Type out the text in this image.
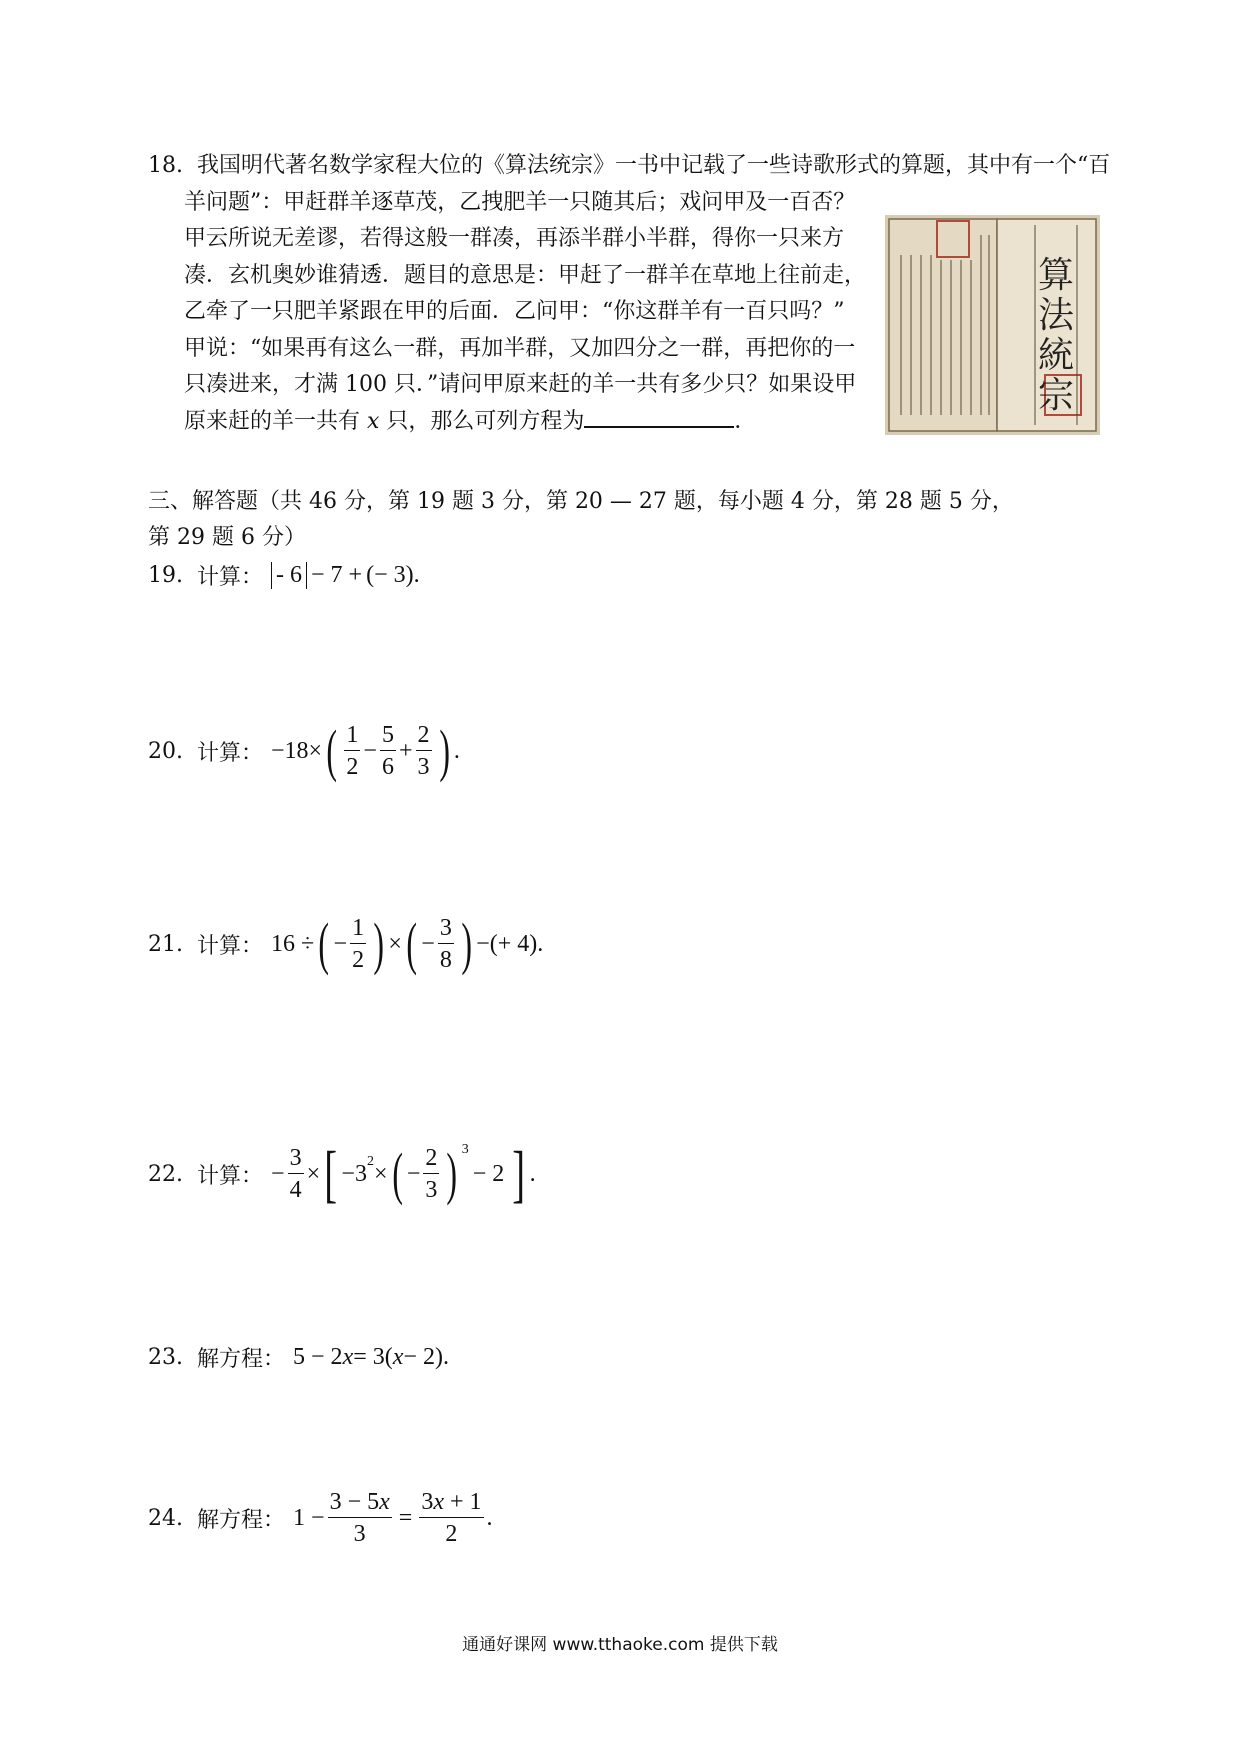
18. 我国明代著名数学家程大位的《算法统宗》一书中记载了一些诗歌形式的算题，其中有一个“百
羊问题”：甲赶群羊逐草茂，乙拽肥羊一只随其后；戏问甲及一百否？
甲云所说无差谬，若得这般一群凑，再添半群小半群，得你一只来方
凑．玄机奥妙谁猜透．题目的意思是：甲赶了一群羊在草地上往前走，
乙牵了一只肥羊紧跟在甲的后面．乙问甲：“你这群羊有一百只吗？”
甲说：“如果再有这么一群，再加半群，又加四分之一群，再把你的一
只凑进来，才满 100 只．”请问甲原来赶的羊一共有多少只？如果设甲
原来赶的羊一共有 x 只，那么可列方程为	．
算
法
統
宗
三、解答题（共 46 分，第 19 题 3 分，第 20 — 27 题，每小题 4 分，第 28 题 5 分，
第 29 题 6 分）
19. 计算： - 6 − 7 + ( − 3 ) .
20. 计算： −18× ( $\frac{1}{2} - \frac{5}{6} + \frac{2}{3}$ ) .
21. 计算： 16 ÷ ( − $\frac{1}{2}$ ) × ( − $\frac{3}{8}$ ) − ( + 4 ) .
22. 计算： − $\frac{3}{4}$ × [ − 3 2 × ( − $\frac{2}{3}$ ) 3
− 2 ] .
23. 解方程： 5 − 2 x = 3 ( x − 2 ) .
24. 解方程： $1 - \frac{3 - 5x}{3} = \frac{3x + 1}{2}$ .
通通好课网 www.tthaoke.com 提供下载
